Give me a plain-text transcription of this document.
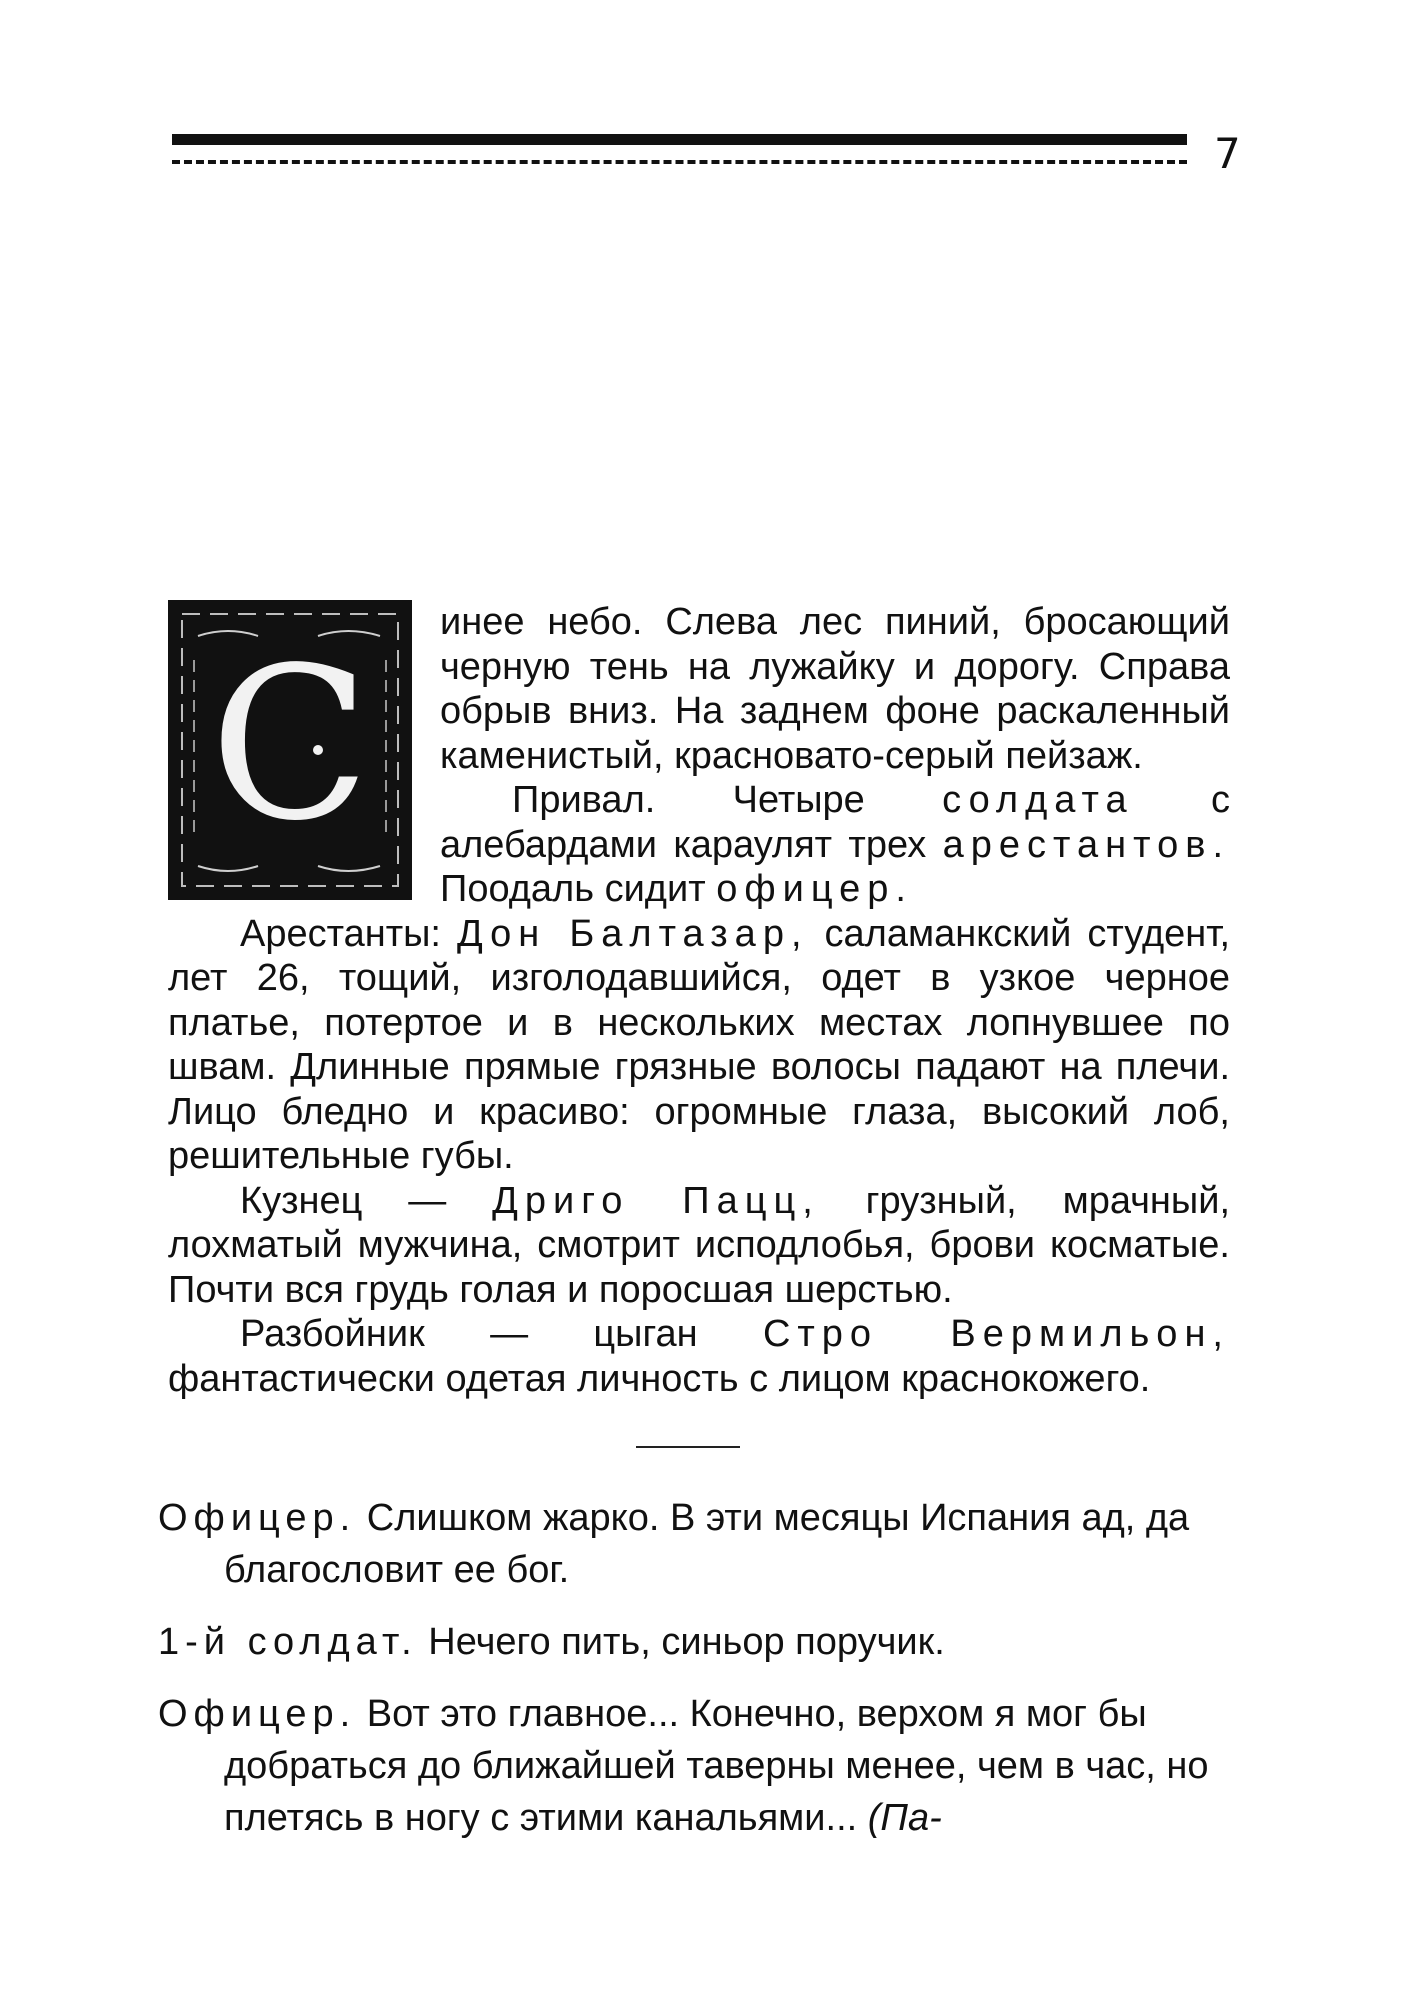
7
С	инее небо. Слева лес пиний, бросающий черную тень на лужайку и дорогу. Справа обрыв вниз. На заднем фоне раскаленный каменистый, красновато-серый пейзаж.

Привал. Четыре солдата с алебардами караулят трех арестантов. Поодаль сидит офицер.

Арестанты: Дон Балтазар, саламанкский студент, лет 26, тощий, изголодавшийся, одет в узкое черное платье, потертое и в нескольких местах лопнувшее по швам. Длинные прямые грязные волосы падают на плечи. Лицо бледно и красиво: огромные глаза, высокий лоб, решительные губы.

Кузнец — Дриго Пацц, грузный, мрачный, лохматый мужчина, смотрит исподлобья, брови косматые. Почти вся грудь голая и поросшая шерстью.

Разбойник — цыган Стро Вермильон, фантастически одетая личность с лицом краснокожего.

Офицер. Слишком жарко. В эти месяцы Испания ад, да благословит ее бог.

1-й солдат. Нечего пить, синьор поручик.

Офицер. Вот это главное... Конечно, верхом я мог бы добраться до ближайшей таверны менее, чем в час, но плетясь в ногу с этими канальями... (Па-
